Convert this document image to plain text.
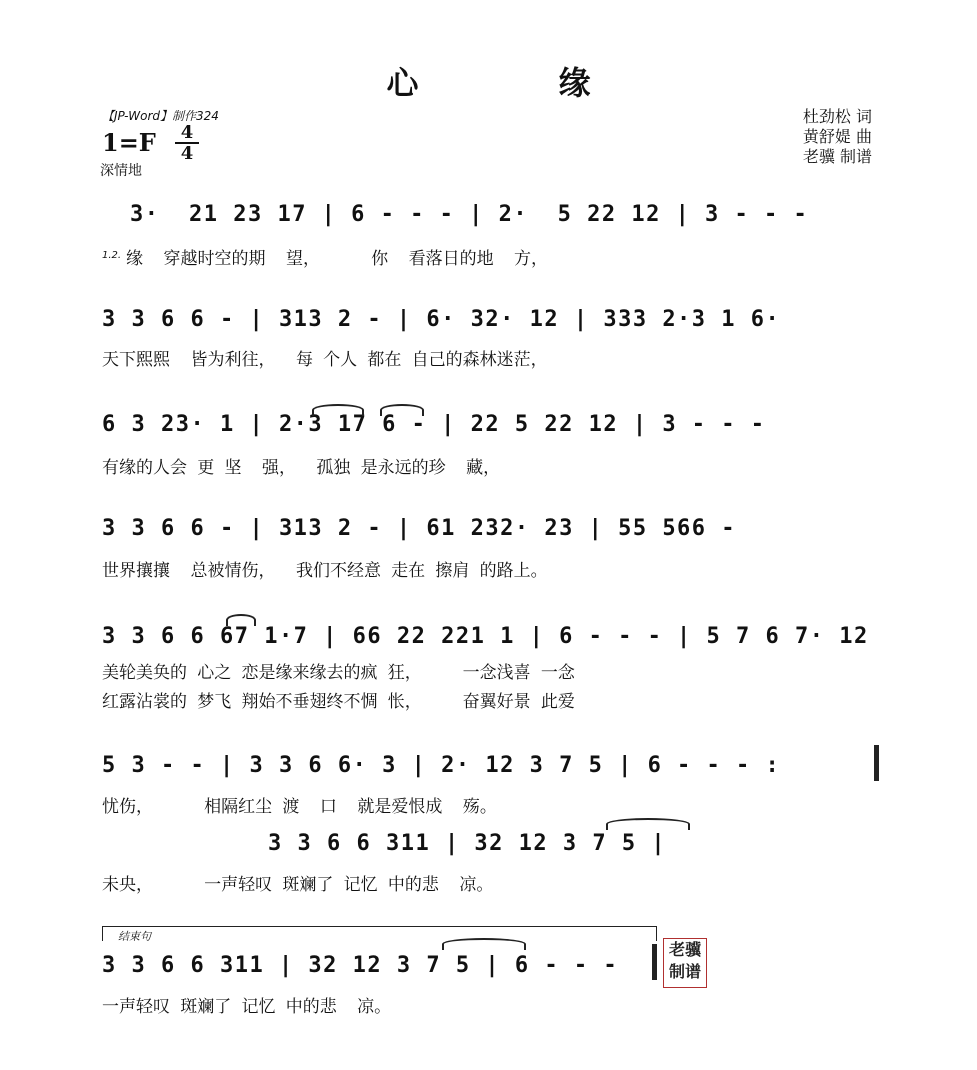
心　缘
【JP-Word】制作324
1=F	4
4
深情地
杜劲松 词
黄舒媞 曲
老骥 制谱
3·  21 23 17 | 6 - - - | 2·  5 22 12 | 3 - - -
1.2. 缘  穿越时空的期  望，     你  看落日的地  方，
3 3 6 6 - | 313 2 - | 6· 32· 12 | 333 2·3 1 6·
天下熙熙  皆为利往，  每 个人 都在 自己的森林迷茫，
6 3 23· 1 | 2·3 17 6 - | 22 5 22 12 | 3 - - -
有缘的人会 更 坚  强，  孤独 是永远的珍  藏，
3 3 6 6 - | 313 2 - | 61 232· 23 | 55 566 -
世界攘攘  总被情伤，  我们不经意 走在 擦肩 的路上。
3 3 6 6 67 1·7 | 66 22 221 1 | 6 - - - | 5 7 6 7· 12
美轮美奂的 心之 恋是缘来缘去的疯 狂，    一念浅喜 一念
红露沾裳的 梦飞 翔始不垂翅终不惆 怅，    奋翼好景 此爱
5 3 - - | 3 3 6 6· 3 | 2· 12 3 7 5 | 6 - - - :
忧伤，     相隔红尘 渡  口  就是爱恨成  殇。
3 3 6 6 311 | 32 12 3 7 5 |
未央，     一声轻叹 斑斓了 记忆 中的悲  凉。
结束句
3 3 6 6 311 | 32 12 3 7 5 | 6 - - -
一声轻叹 斑斓了 记忆 中的悲  凉。
老骥
制谱
